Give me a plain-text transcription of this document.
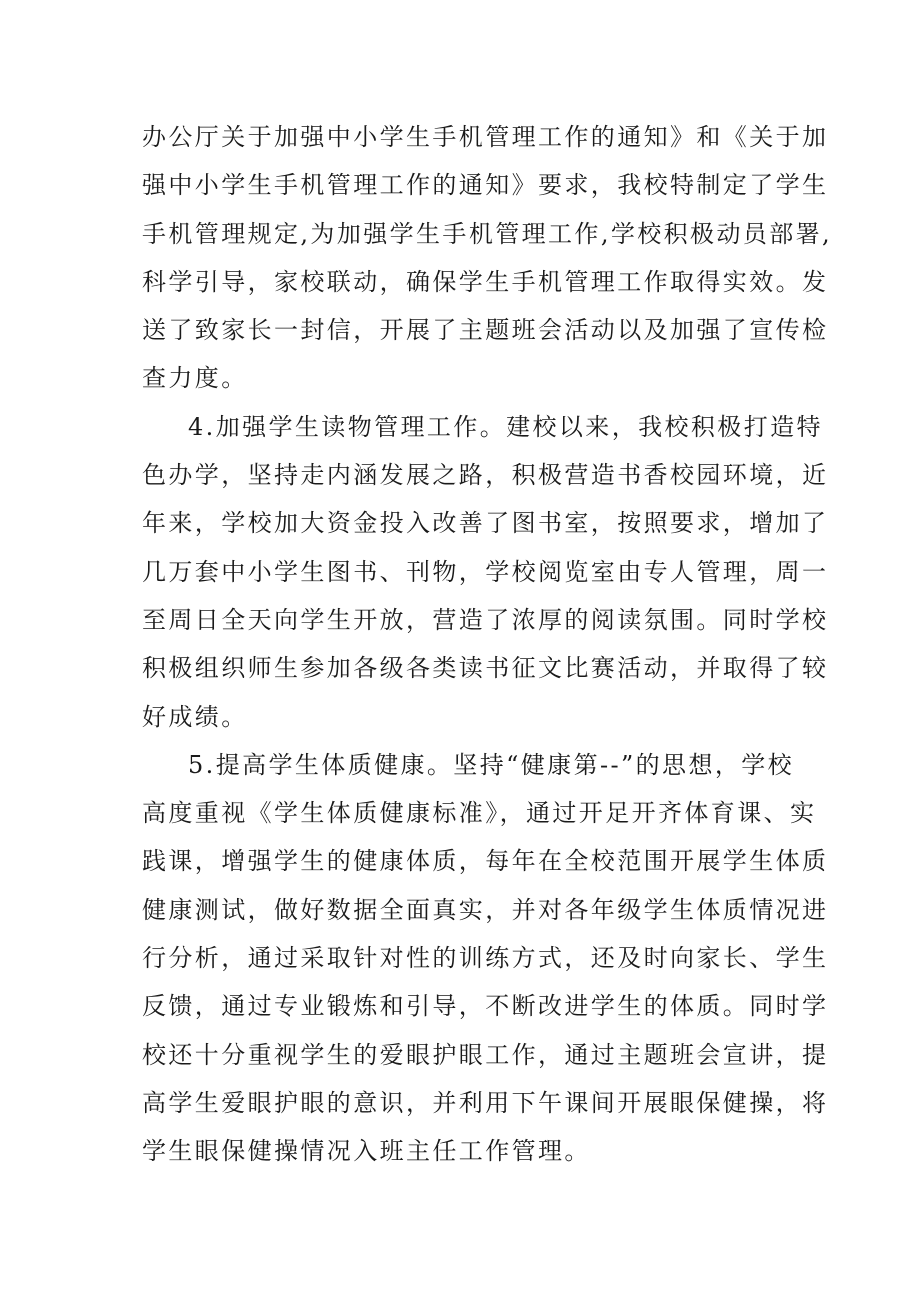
办公厅关于加强中小学生手机管理工作的通知》和《关于加
强中小学生手机管理工作的通知》要求，我校特制定了学生
手机管理规定,为加强学生手机管理工作,学校积极动员部署,
科学引导，家校联动，确保学生手机管理工作取得实效。发
送了致家长一封信，开展了主题班会活动以及加强了宣传检
查力度。
4.加强学生读物管理工作。建校以来，我校积极打造特
色办学，坚持走内涵发展之路，积极营造书香校园环境，近
年来，学校加大资金投入改善了图书室，按照要求，增加了
几万套中小学生图书、刊物，学校阅览室由专人管理，周一
至周日全天向学生开放，营造了浓厚的阅读氛围。同时学校
积极组织师生参加各级各类读书征文比赛活动，并取得了较
好成绩。
5.提高学生体质健康。坚持“健康第--”的思想，学校
高度重视《学生体质健康标准》，通过开足开齐体育课、实
践课，增强学生的健康体质，每年在全校范围开展学生体质
健康测试，做好数据全面真实，并对各年级学生体质情况进
行分析，通过采取针对性的训练方式，还及时向家长、学生
反馈，通过专业锻炼和引导，不断改进学生的体质。同时学
校还十分重视学生的爱眼护眼工作，通过主题班会宣讲，提
高学生爱眼护眼的意识，并利用下午课间开展眼保健操，将
学生眼保健操情况入班主任工作管理。
